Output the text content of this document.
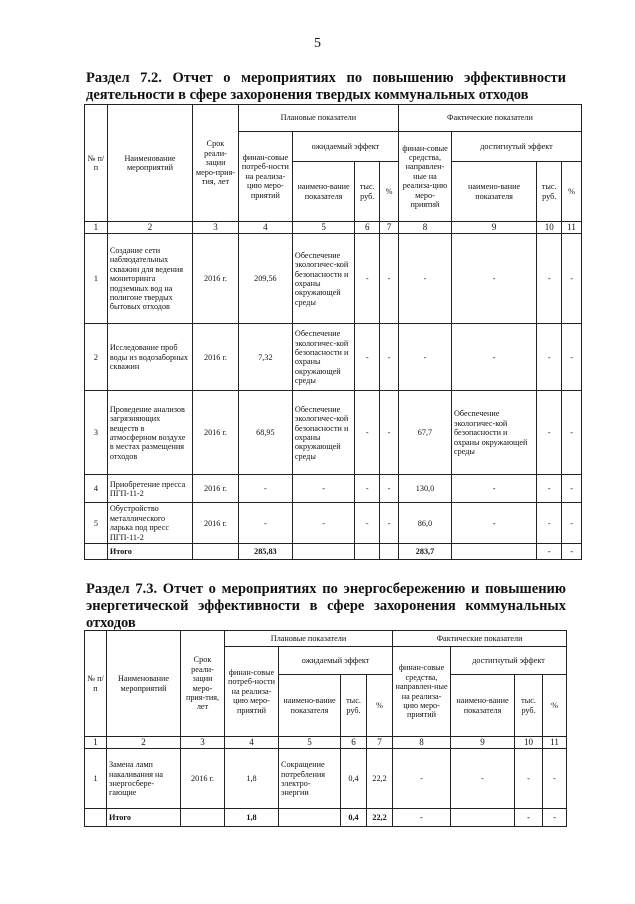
5
Раздел 7.2. Отчет о мероприятиях по повышению эффективности
деятельности в сфере захоронения твердых коммунальных отходов
№ п/п	Наименование мероприятий	Срок реали-зации меро-прия-тия, лет	Плановые показатели				Фактические показатели			
			финан-совые потреб-ности на реализа-цию меро-приятий	ожидаемый эффект			финан-совые средства, направлен-ные на реализа-цию меро-приятий	достигнутый эффект		
				наимено-вание показателя	тыс. руб.	%		наимено-вание показателя	тыс. руб.	%
1	2	3	4	5	6	7	8	9	10	11
1	Создание сети наблюдательных скважин для ведения мониторинга подземных вод на полигоне твердых бытовых отходов	2016 г.	209,56	Обеспечение экологичес-кой безопасности и охраны окружающей среды	-	-	-	-	-	-
2	Исследование проб воды из водозаборных скважин	2016 г.	7,32	Обеспечение экологичес-кой безопасности и охраны окружающей среды	-	-	-	-	-	-
3	Проведение анализов загрязняющих веществ в атмосферном воздухе в местах размещения отходов	2016 г.	68,95	Обеспечение экологичес-кой безопасности и охраны окружающей среды	-	-	67,7	Обеспечение экологичес-кой безопасности и охраны окружающей среды	-	-
4	Приобретение пресса ПГП-11-2	2016 г.	-	-	-	-	130,0	-	-	-
5	Обустройство металлического ларька под пресс ПГП-11-2	2016 г.	-	-	-	-	86,0	-	-	-
	Итого		285,83				283,7		-	-
Раздел 7.3. Отчет о мероприятиях по энергосбережению и повышению
энергетической эффективности в сфере захоронения коммунальных
отходов
№ п/п	Наименование мероприятий	Срок реали-зации меро-прия-тия, лет	Плановые показатели				Фактические показатели			
			финан-совые потреб-ности на реализа-цию меро-приятий	ожидаемый эффект			финан-совые средства, направлен-ные на реализа-цию меро-приятий	достигнутый эффект		
				наимено-вание показателя	тыс. руб.	%		наимено-вание показателя	тыс. руб.	%
1	2	3	4	5	6	7	8	9	10	11
1	Замена ламп накаливания на энергосбере-гающие	2016 г.	1,8	Сокращение потребления электро-энергии	0,4	22,2	-	-	-	-
	Итого		1,8		0,4	22,2	-		-	-
